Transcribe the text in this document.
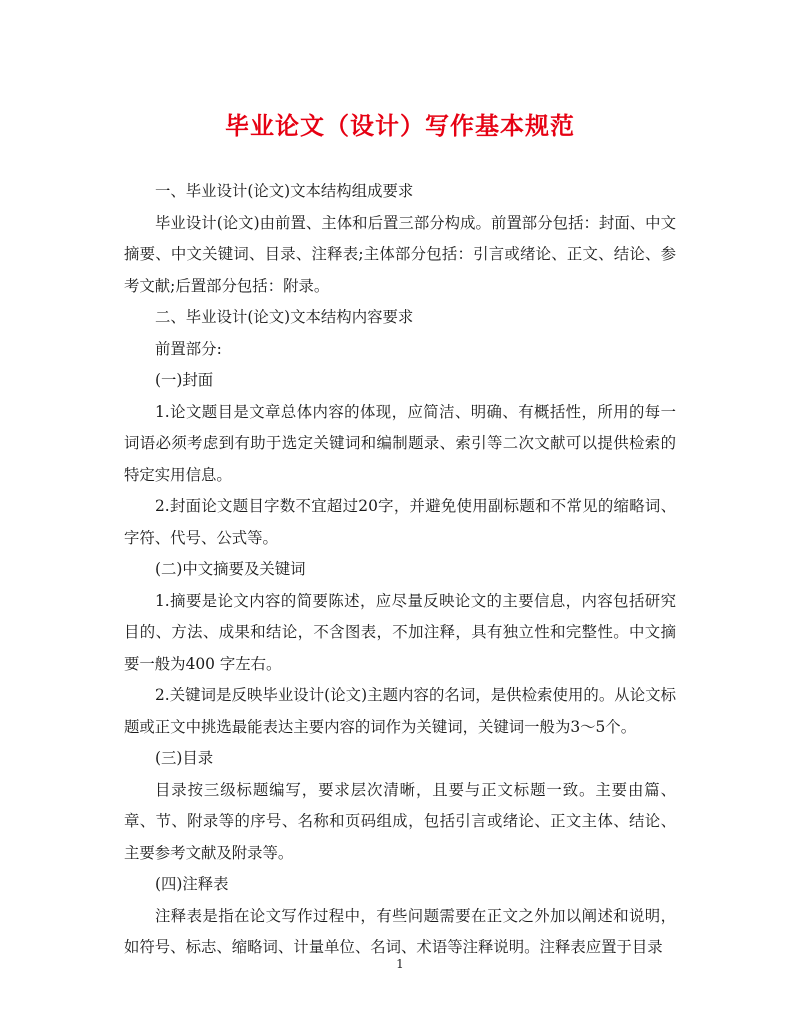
毕业论文（设计）写作基本规范

一、毕业设计(论文)文本结构组成要求

毕业设计(论文)由前置、主体和后置三部分构成。前置部分包括：封面、中文摘要、中文关键词、目录、注释表;主体部分包括：引言或绪论、正文、结论、参考文献;后置部分包括：附录。

二、毕业设计(论文)文本结构内容要求

前置部分:

(一)封面

1.论文题目是文章总体内容的体现，应简洁、明确、有概括性，所用的每一词语必须考虑到有助于选定关键词和编制题录、索引等二次文献可以提供检索的特定实用信息。

2.封面论文题目字数不宜超过20字，并避免使用副标题和不常见的缩略词、字符、代号、公式等。

(二)中文摘要及关键词

1.摘要是论文内容的简要陈述，应尽量反映论文的主要信息，内容包括研究目的、方法、成果和结论，不含图表，不加注释，具有独立性和完整性。中文摘要一般为400 字左右。

2.关键词是反映毕业设计(论文)主题内容的名词，是供检索使用的。从论文标题或正文中挑选最能表达主要内容的词作为关键词，关键词一般为3～5个。

(三)目录

目录按三级标题编写，要求层次清晰，且要与正文标题一致。主要由篇、章、节、附录等的序号、名称和页码组成，包括引言或绪论、正文主体、结论、主要参考文献及附录等。

(四)注释表

注释表是指在论文写作过程中，有些问题需要在正文之外加以阐述和说明，如符号、标志、缩略词、计量单位、名词、术语等注释说明。注释表应置于目录

1
